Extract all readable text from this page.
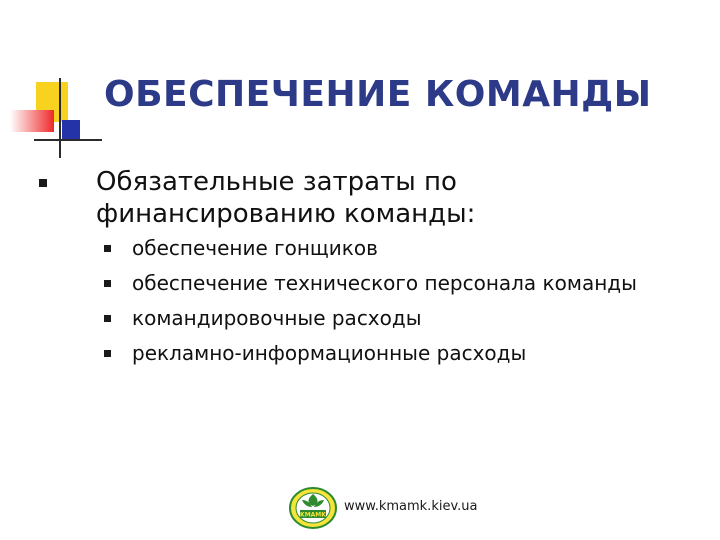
ОБЕСПЕЧЕНИЕ КОМАНДЫ
Обязательные затраты по финансированию команды:
обеспечение гонщиков
обеспечение технического персонала команды
командировочные расходы
рекламно-информационные расходы
KMAMK
www.kmamk.kiev.ua
